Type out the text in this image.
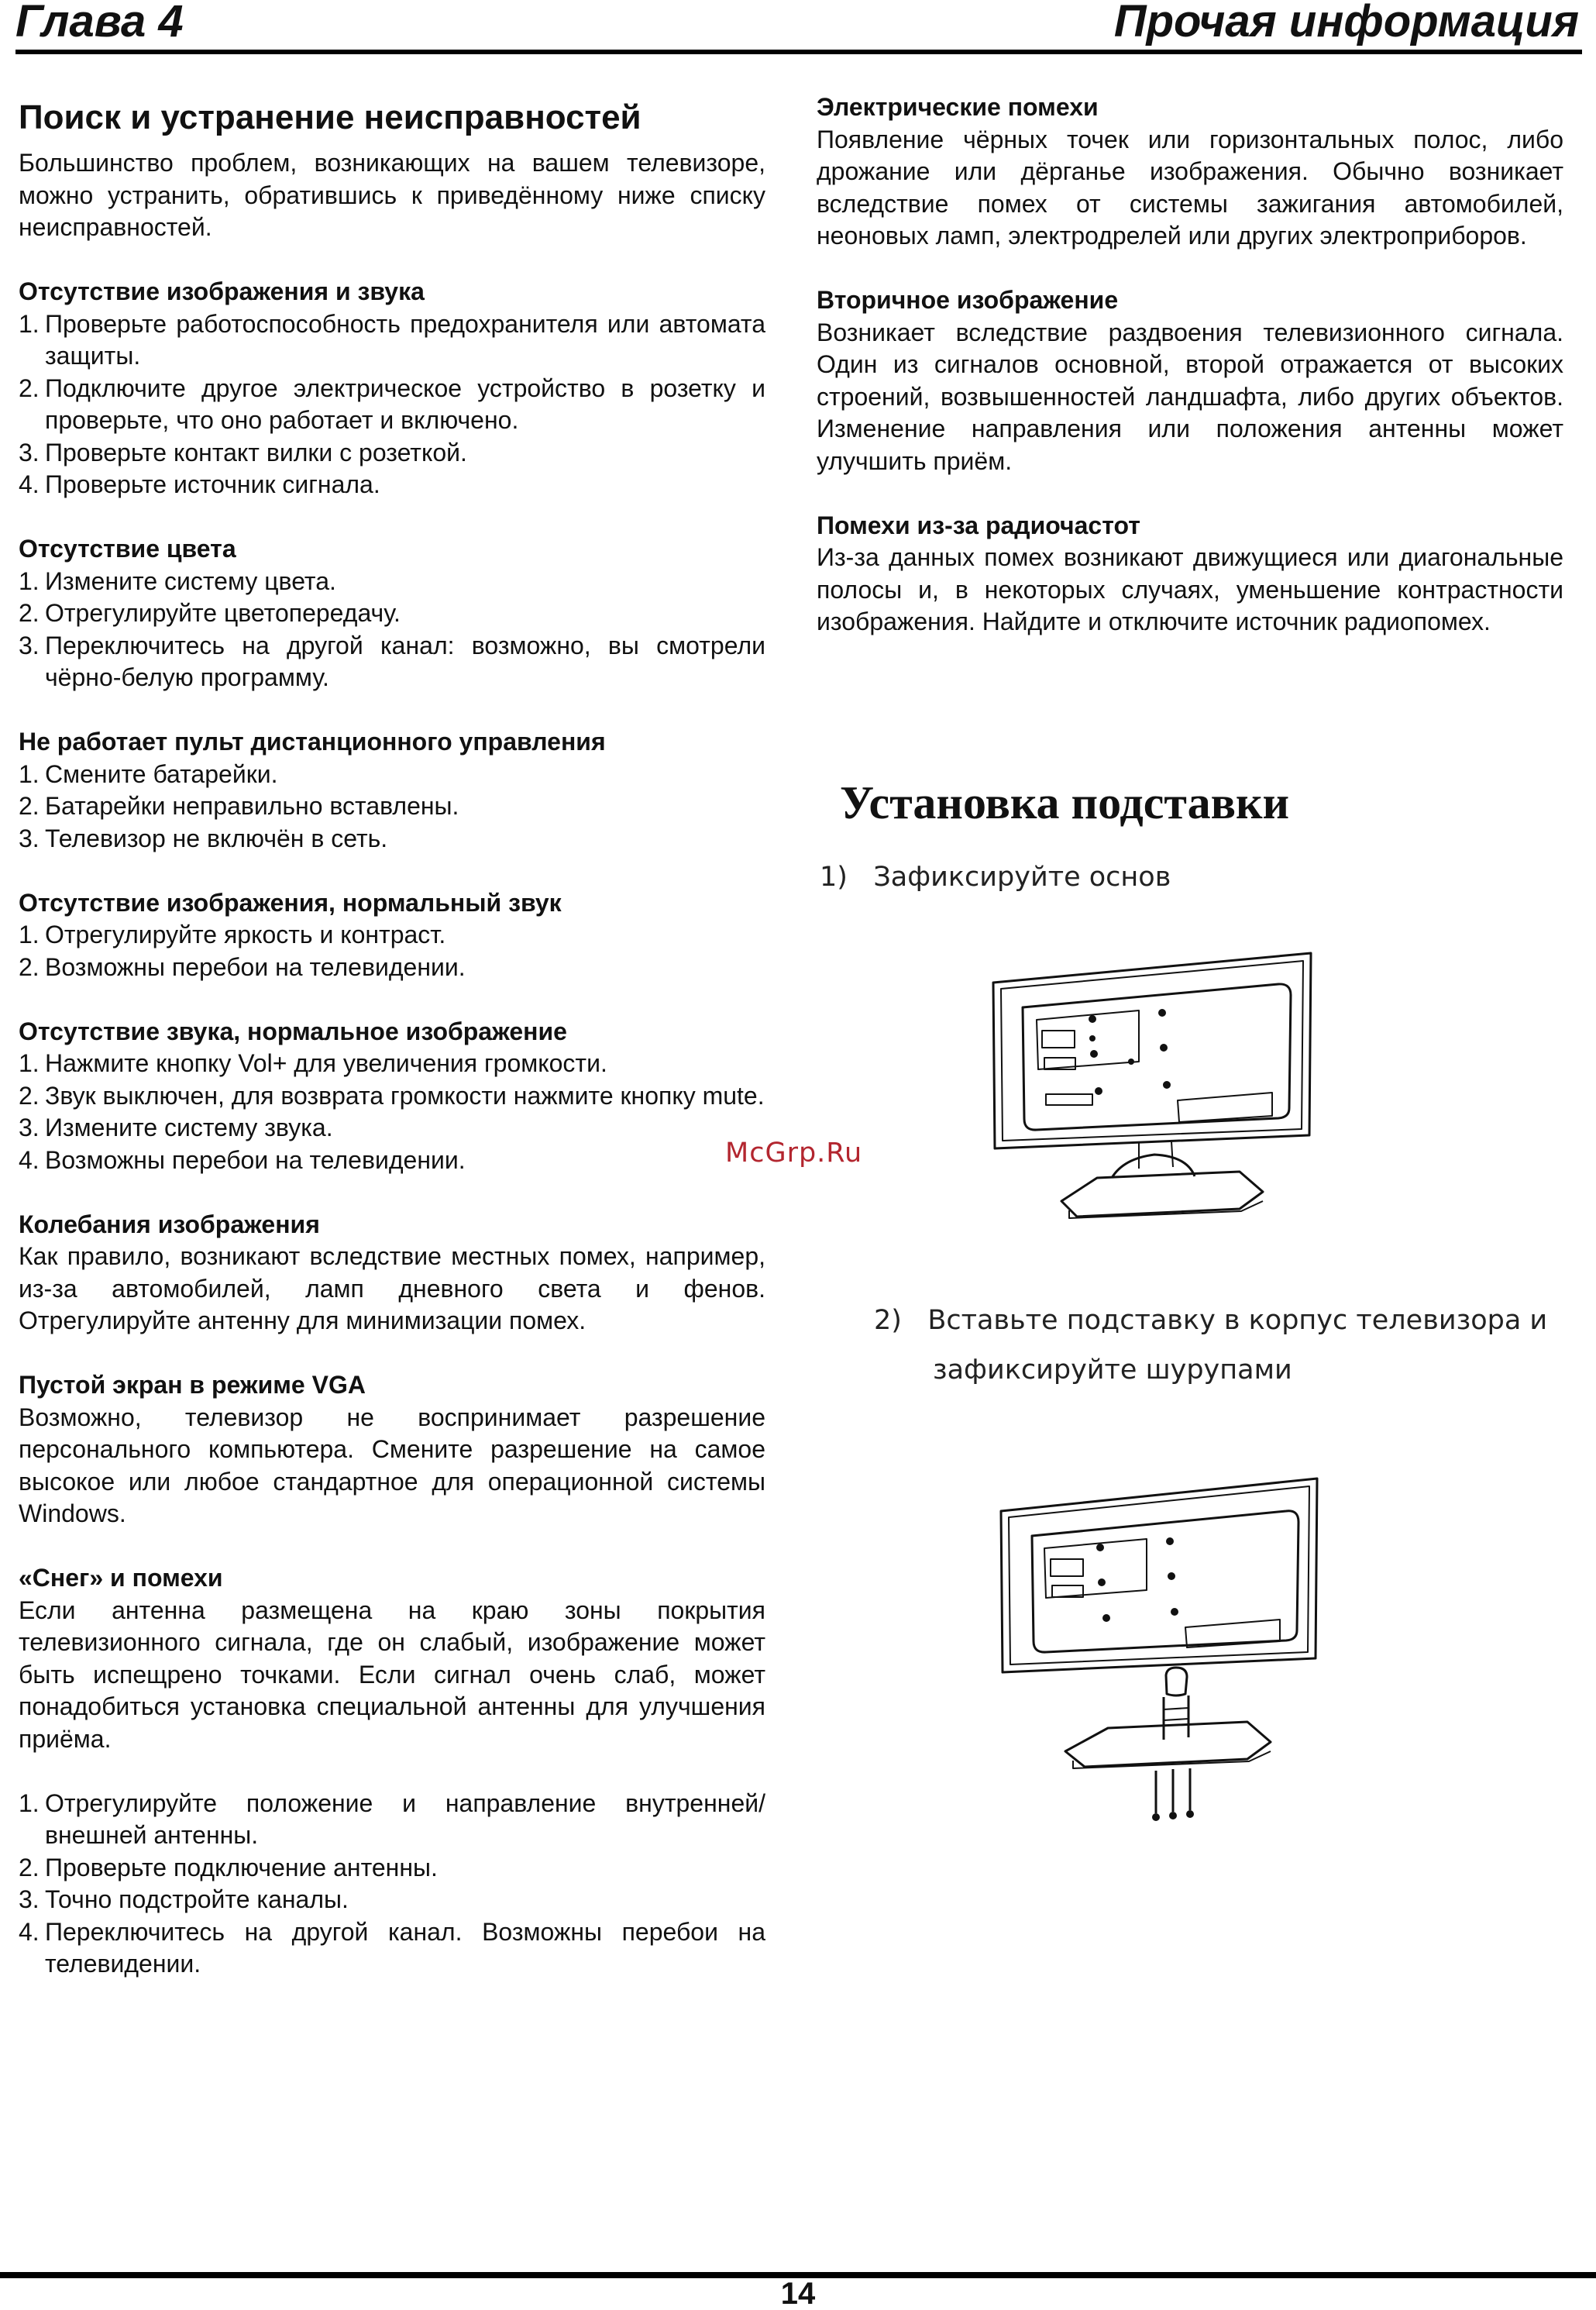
Глава 4	Прочая информация
Поиск и устранение неисправностей

Большинство проблем, возникающих на вашем телевизоре, можно устранить, обратившись к приведённому ниже списку неисправностей.

Отсутствие изображения и звука

1. Проверьте работоспособность предохранителя или автомата защиты.
2. Подключите другое электрическое устройство в розетку и проверьте, что оно работает и включено.
3. Проверьте контакт вилки с розеткой.
4. Проверьте источник сигнала.

Отсутствие цвета

1. Измените систему цвета.
2. Отрегулируйте цветопередачу.
3. Переключитесь на другой канал: возможно, вы смотрели чёрно-белую программу.

Не работает пульт дистанционного управления

1. Смените батарейки.
2. Батарейки неправильно вставлены.
3. Телевизор не включён в сеть.

Отсутствие изображения, нормальный звук

1. Отрегулируйте яркость и контраст.
2. Возможны перебои на телевидении.

Отсутствие звука, нормальное изображение

1. Нажмите кнопку Vol+ для увеличения громкости.
2. Звук выключен, для возврата громкости нажмите кнопку mute.
3. Измените систему звука.
4. Возможны перебои на телевидении.

Колебания изображения

Как правило, возникают вследствие местных помех, например, из-за автомобилей, ламп дневного света и фенов. Отрегулируйте антенну для минимизации помех.

Пустой экран в режиме VGA

Возможно, телевизор не воспринимает разрешение персонального компьютера. Смените разрешение на самое высокое или любое стандартное для операционной системы Windows.

«Снег» и помехи

Если антенна размещена на краю зоны покрытия телевизионного сигнала, где он слабый, изображение может быть испещрено точками. Если сигнал очень слаб, может понадобиться установка специальной антенны для улучшения приёма.

1. Отрегулируйте положение и направление внутренней/внешней антенны.
2. Проверьте подключение антенны.
3. Точно подстройте каналы.
4. Переключитесь на другой канал. Возможны перебои на телевидении.

Электрические помехи

Появление чёрных точек или горизонтальных полос, либо дрожание или дёрганье изображения. Обычно возникает вследствие помех от системы зажигания автомобилей, неоновых ламп, электродрелей или других электроприборов.

Вторичное изображение

Возникает вследствие раздвоения телевизионного сигнала. Один из сигналов основной, второй отражается от высоких строений, возвышенностей ландшафта, либо других объектов. Изменение направления или положения антенны может улучшить приём.

Помехи из-за радиочастот

Из-за данных помех возникают движущиеся или диагональные полосы и, в некоторых случаях, уменьшение контрастности изображения. Найдите и отключите источник радиопомех.

Установка подставки
1) Зафиксируйте основ
McGrp.Ru
2) Вставьте подставку в корпус телевизора и
зафиксируйте шурупами
14
